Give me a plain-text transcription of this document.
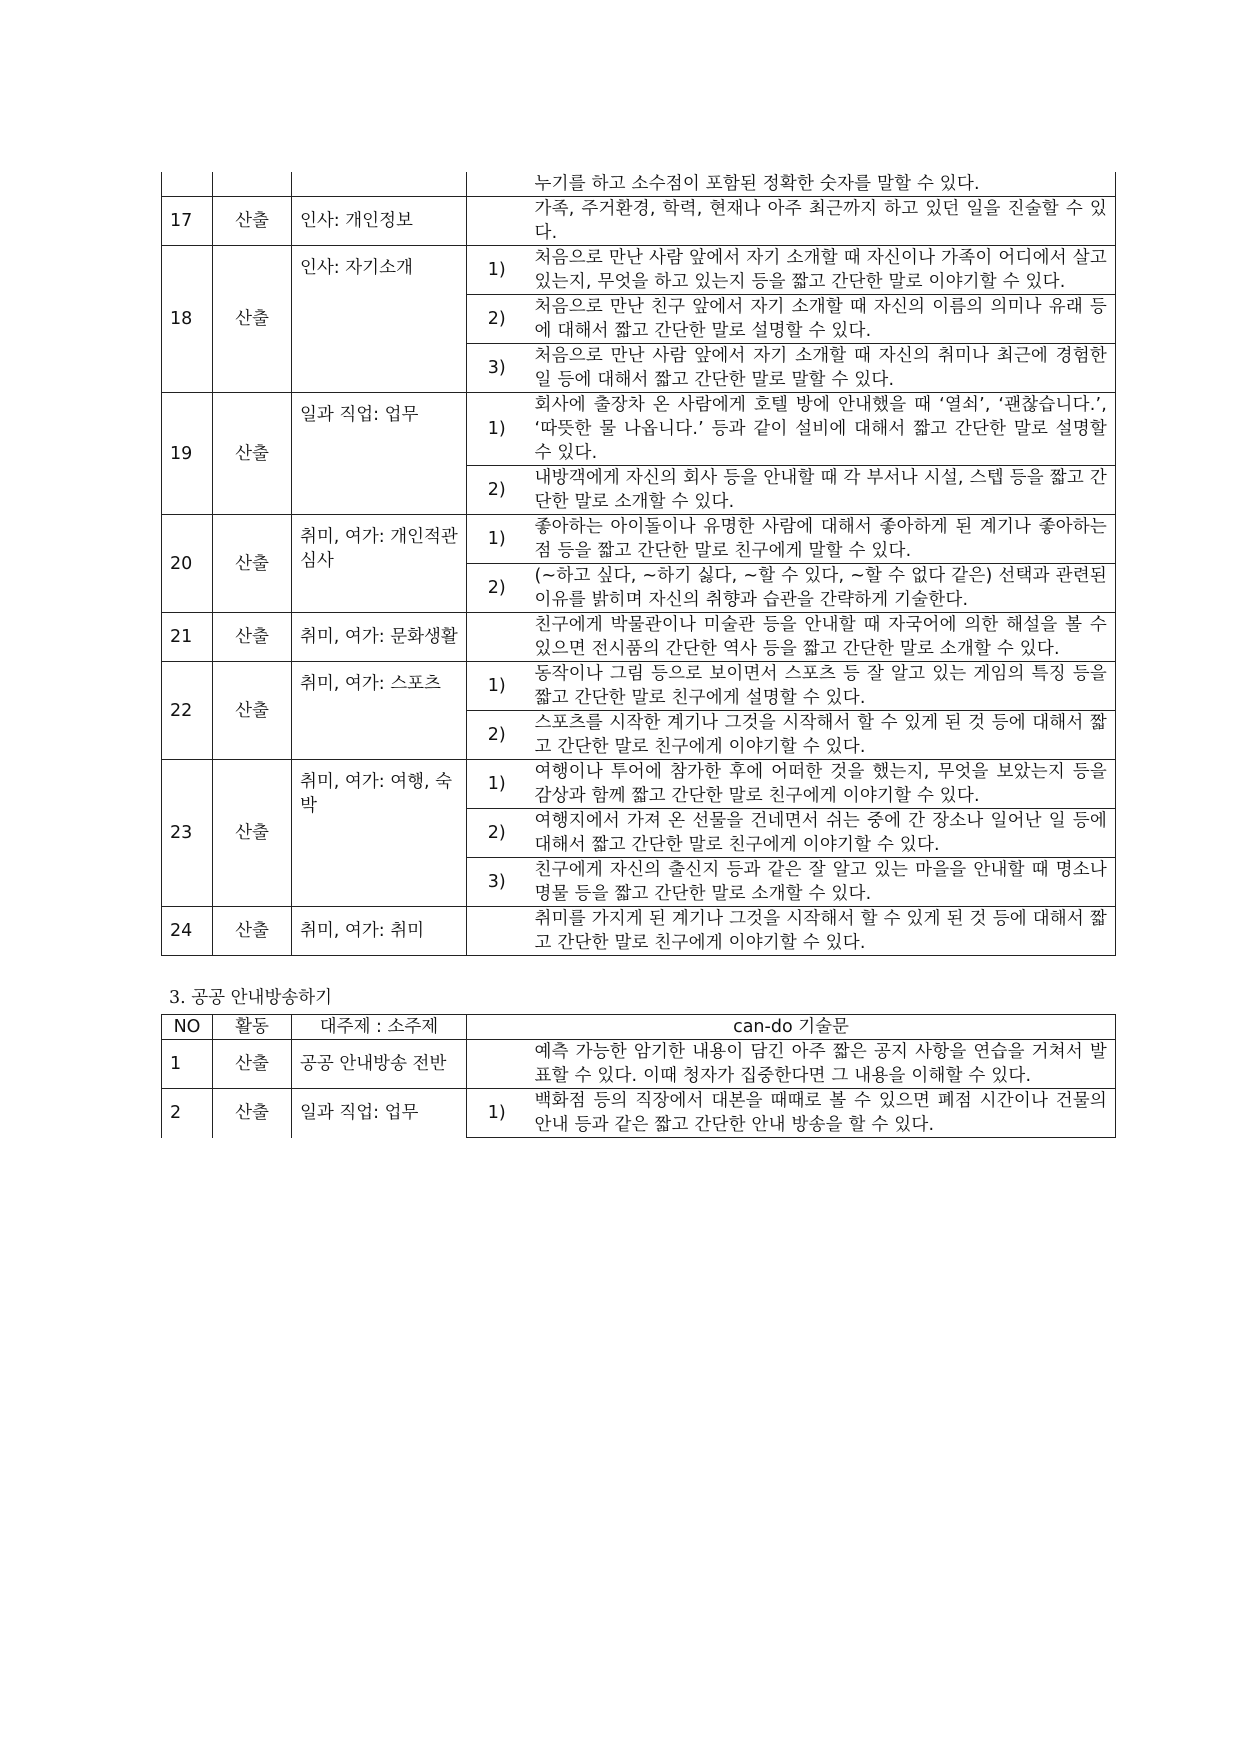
				누기를 하고 소수점이 포함된 정확한 숫자를 말할 수 있다.
17	산출	인사: 개인정보		가족, 주거환경, 학력, 현재나 아주 최근까지 하고 있던 일을 진술할 수 있다.
18	산출	인사: 자기소개	1)	처음으로 만난 사람 앞에서 자기 소개할 때 자신이나 가족이 어디에서 살고 있는지, 무엇을 하고 있는지 등을 짧고 간단한 말로 이야기할 수 있다.
			2)	처음으로 만난 친구 앞에서 자기 소개할 때 자신의 이름의 의미나 유래 등에 대해서 짧고 간단한 말로 설명할 수 있다.
			3)	처음으로 만난 사람 앞에서 자기 소개할 때 자신의 취미나 최근에 경험한 일 등에 대해서 짧고 간단한 말로 말할 수 있다.
19	산출	일과 직업: 업무	1)	회사에 출장차 온 사람에게 호텔 방에 안내했을 때 ‘열쇠’, ‘괜찮습니다.’, ‘따뜻한 물 나옵니다.’ 등과 같이 설비에 대해서 짧고 간단한 말로 설명할 수 있다.
			2)	내방객에게 자신의 회사 등을 안내할 때 각 부서나 시설, 스텝 등을 짧고 간단한 말로 소개할 수 있다.
20	산출	취미, 여가: 개인적관심사	1)	좋아하는 아이돌이나 유명한 사람에 대해서 좋아하게 된 계기나 좋아하는 점 등을 짧고 간단한 말로 친구에게 말할 수 있다.
			2)	(~하고 싶다, ~하기 싫다, ~할 수 있다, ~할 수 없다 같은) 선택과 관련된 이유를 밝히며 자신의 취향과 습관을 간략하게 기술한다.
21	산출	취미, 여가: 문화생활		친구에게 박물관이나 미술관 등을 안내할 때 자국어에 의한 해설을 볼 수 있으면 전시품의 간단한 역사 등을 짧고 간단한 말로 소개할 수 있다.
22	산출	취미, 여가: 스포츠	1)	동작이나 그림 등으로 보이면서 스포츠 등 잘 알고 있는 게임의 특징 등을 짧고 간단한 말로 친구에게 설명할 수 있다.
			2)	스포츠를 시작한 계기나 그것을 시작해서 할 수 있게 된 것 등에 대해서 짧고 간단한 말로 친구에게 이야기할 수 있다.
23	산출	취미, 여가: 여행, 숙박	1)	여행이나 투어에 참가한 후에 어떠한 것을 했는지, 무엇을 보았는지 등을 감상과 함께 짧고 간단한 말로 친구에게 이야기할 수 있다.
			2)	여행지에서 가져 온 선물을 건네면서 쉬는 중에 간 장소나 일어난 일 등에 대해서 짧고 간단한 말로 친구에게 이야기할 수 있다.
			3)	친구에게 자신의 출신지 등과 같은 잘 알고 있는 마을을 안내할 때 명소나 명물 등을 짧고 간단한 말로 소개할 수 있다.
24	산출	취미, 여가: 취미		취미를 가지게 된 계기나 그것을 시작해서 할 수 있게 된 것 등에 대해서 짧고 간단한 말로 친구에게 이야기할 수 있다.
3. 공공 안내방송하기
NO	활동	대주제 : 소주제	can-do 기술문	
1	산출	공공 안내방송 전반		예측 가능한 암기한 내용이 담긴 아주 짧은 공지 사항을 연습을 거쳐서 발표할 수 있다. 이때 청자가 집중한다면 그 내용을 이해할 수 있다.
2	산출	일과 직업: 업무	1)	백화점 등의 직장에서 대본을 때때로 볼 수 있으면 폐점 시간이나 건물의 안내 등과 같은 짧고 간단한 안내 방송을 할 수 있다.
